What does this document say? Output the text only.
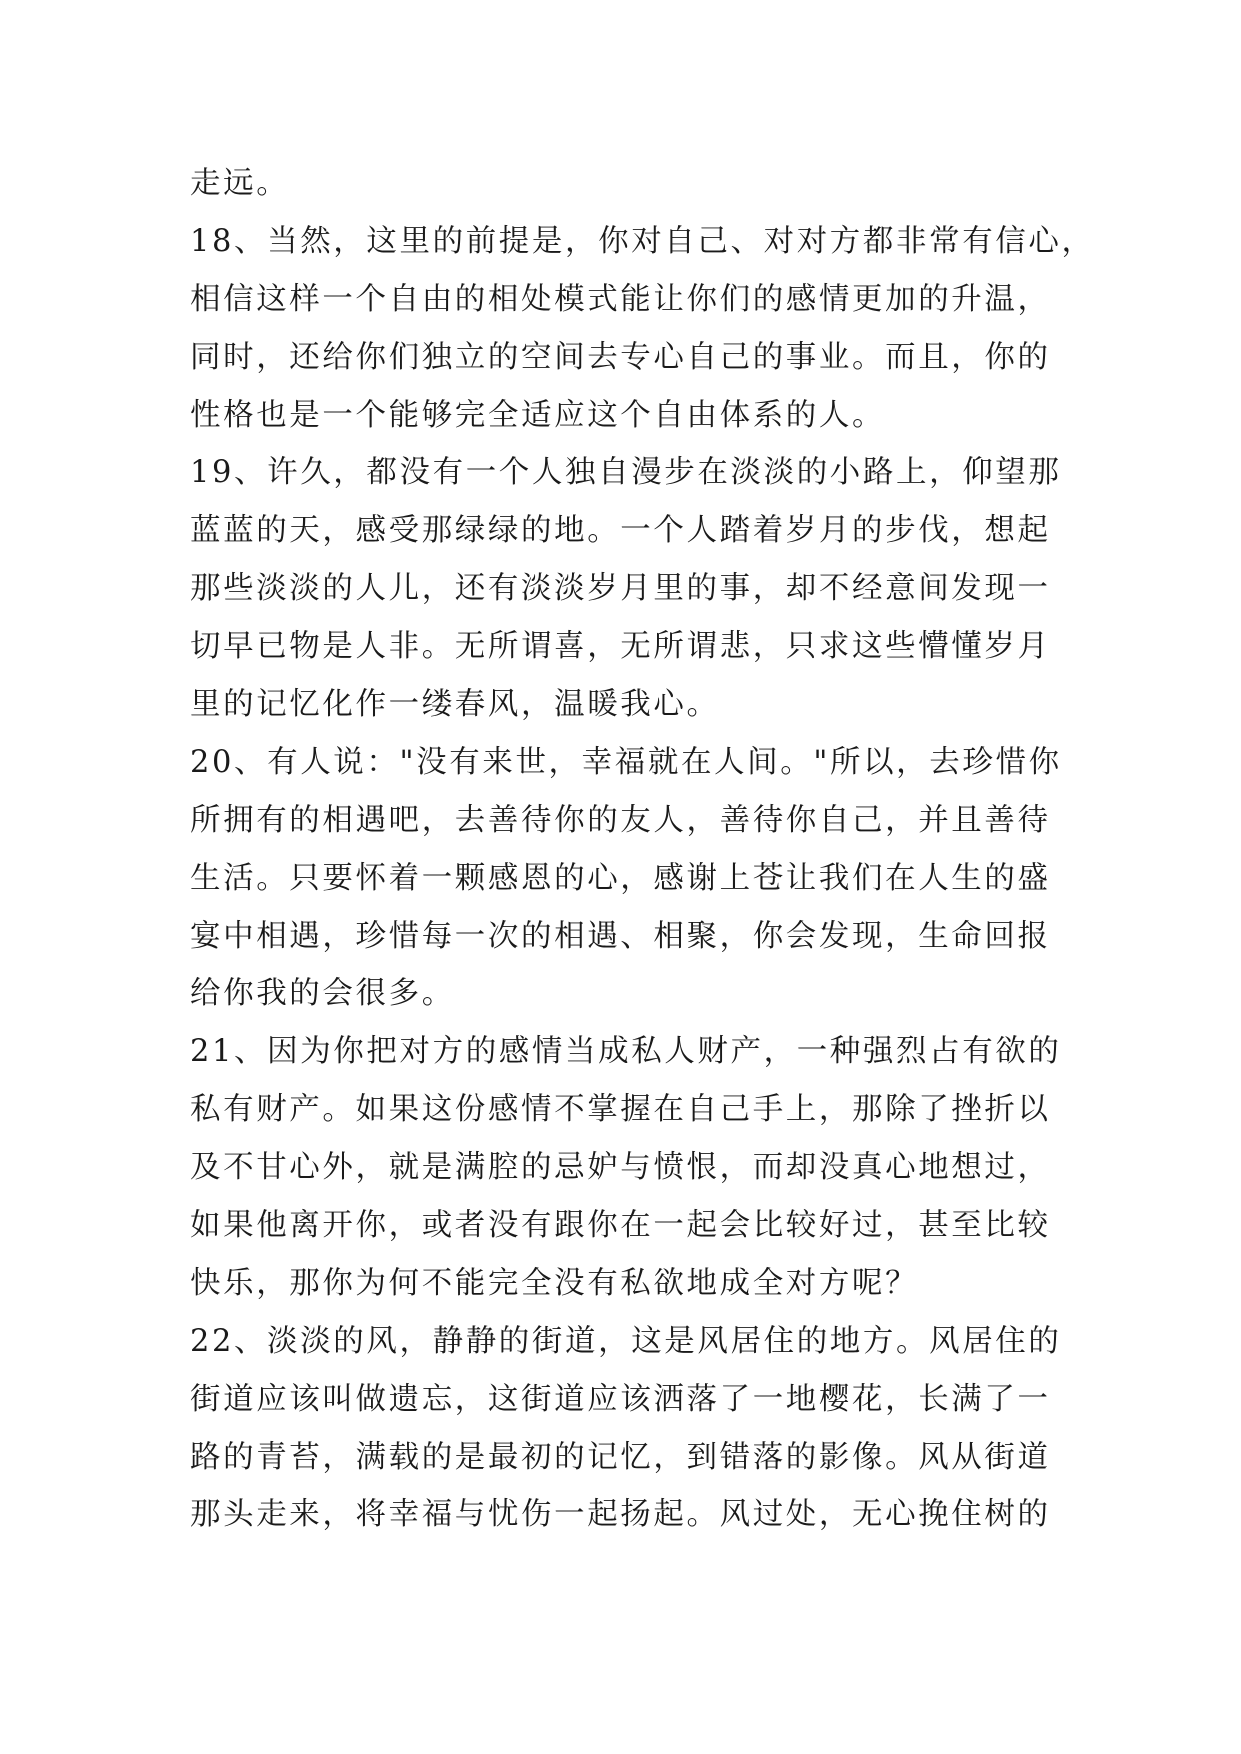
走远。
18、当然，这里的前提是，你对自己、对对方都非常有信心，
相信这样一个自由的相处模式能让你们的感情更加的升温，
同时，还给你们独立的空间去专心自己的事业。而且，你的
性格也是一个能够完全适应这个自由体系的人。
19、许久，都没有一个人独自漫步在淡淡的小路上，仰望那
蓝蓝的天，感受那绿绿的地。一个人踏着岁月的步伐，想起
那些淡淡的人儿，还有淡淡岁月里的事，却不经意间发现一
切早已物是人非。无所谓喜，无所谓悲，只求这些懵懂岁月
里的记忆化作一缕春风，温暖我心。
20、有人说："没有来世，幸福就在人间。"所以，去珍惜你
所拥有的相遇吧，去善待你的友人，善待你自己，并且善待
生活。只要怀着一颗感恩的心，感谢上苍让我们在人生的盛
宴中相遇，珍惜每一次的相遇、相聚，你会发现，生命回报
给你我的会很多。
21、因为你把对方的感情当成私人财产，一种强烈占有欲的
私有财产。如果这份感情不掌握在自己手上，那除了挫折以
及不甘心外，就是满腔的忌妒与愤恨，而却没真心地想过，
如果他离开你，或者没有跟你在一起会比较好过，甚至比较
快乐，那你为何不能完全没有私欲地成全对方呢？
22、淡淡的风，静静的街道，这是风居住的地方。风居住的
街道应该叫做遗忘，这街道应该洒落了一地樱花，长满了一
路的青苔，满载的是最初的记忆，到错落的影像。风从街道
那头走来，将幸福与忧伤一起扬起。风过处，无心挽住树的
